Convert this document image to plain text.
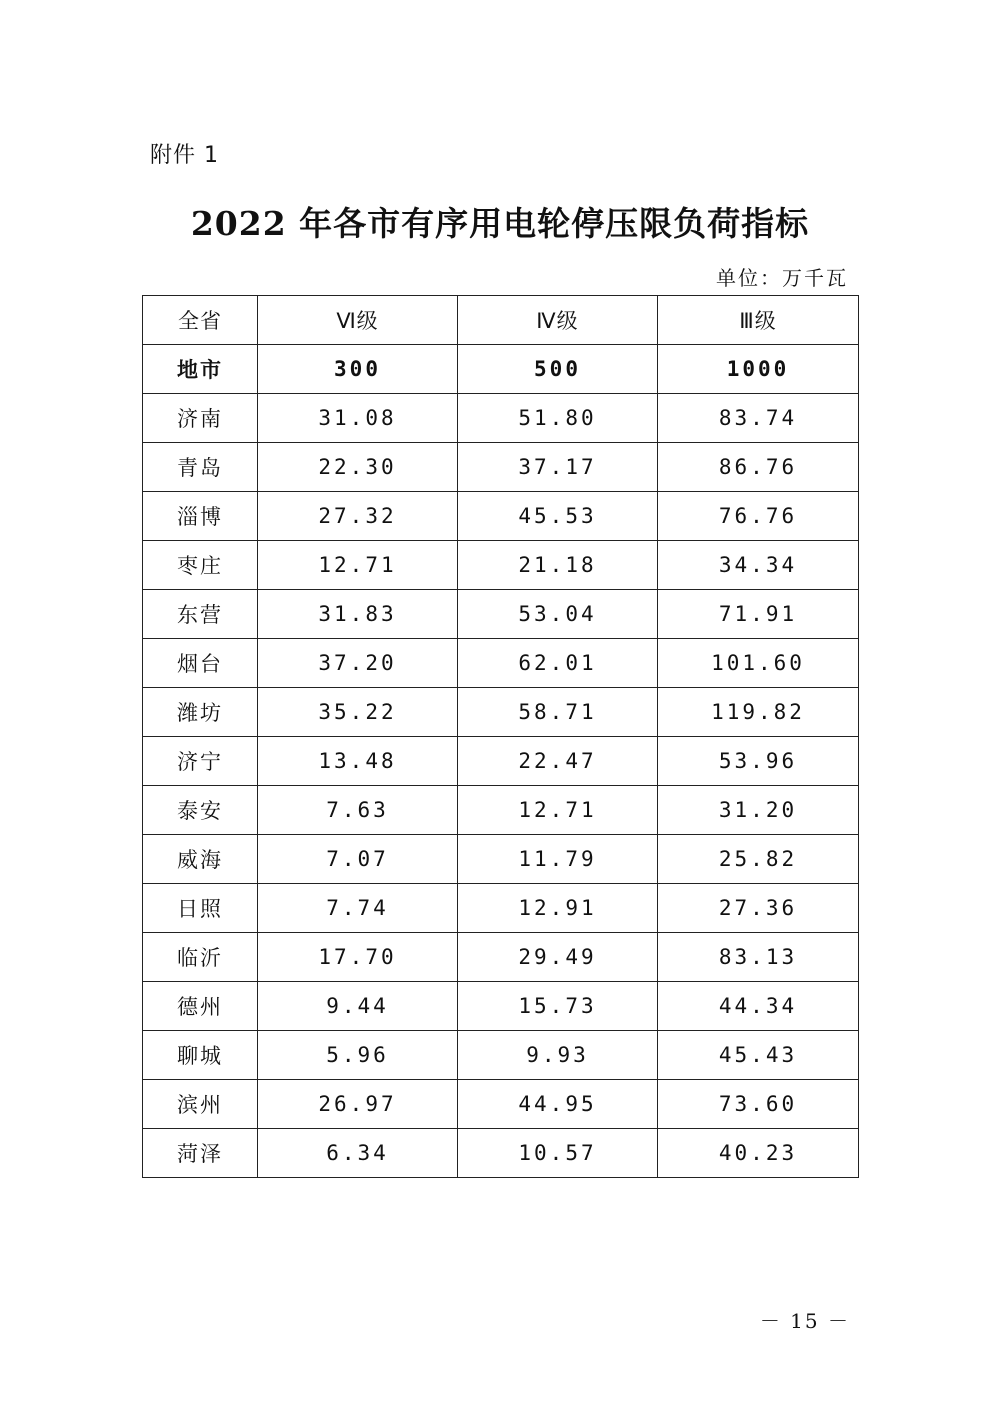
附件 1
2022 年各市有序用电轮停压限负荷指标
单位：万千瓦
全省	Ⅵ级	Ⅳ级	Ⅲ级
地市	300	500	1000
济南	31.08	51.80	83.74
青岛	22.30	37.17	86.76
淄博	27.32	45.53	76.76
枣庄	12.71	21.18	34.34
东营	31.83	53.04	71.91
烟台	37.20	62.01	101.60
潍坊	35.22	58.71	119.82
济宁	13.48	22.47	53.96
泰安	7.63	12.71	31.20
威海	7.07	11.79	25.82
日照	7.74	12.91	27.36
临沂	17.70	29.49	83.13
德州	9.44	15.73	44.34
聊城	5.96	9.93	45.43
滨州	26.97	44.95	73.60
菏泽	6.34	10.57	40.23
－ 15 －
